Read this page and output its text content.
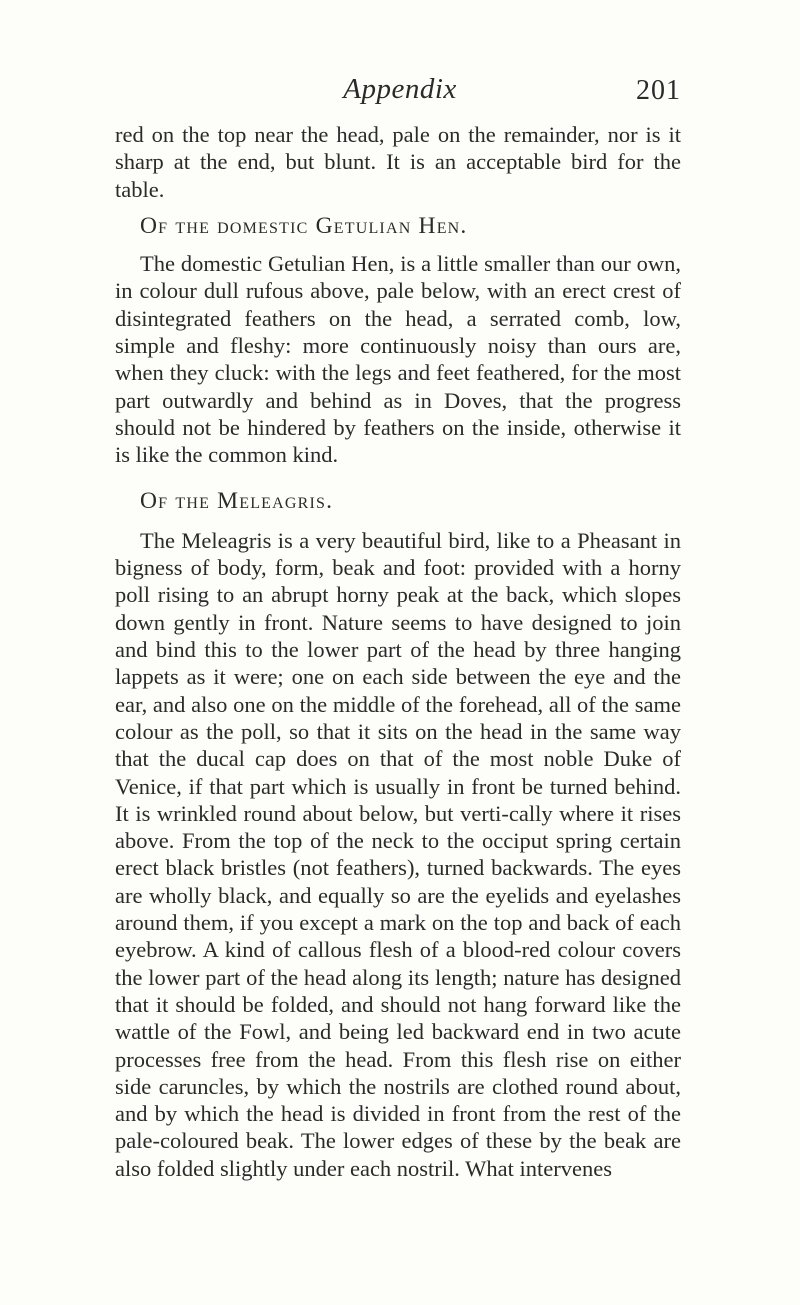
Appendix	201

red on the top near the head, pale on the remainder, nor is it sharp at the end, but blunt. It is an acceptable bird for the table.

Of the domestic Getulian Hen.

The domestic Getulian Hen, is a little smaller than our own, in colour dull rufous above, pale below, with an erect crest of disintegrated feathers on the head, a serrated comb, low, simple and fleshy: more continuously noisy than ours are, when they cluck: with the legs and feet feathered, for the most part outwardly and behind as in Doves, that the progress should not be hindered by feathers on the inside, otherwise it is like the common kind.

Of the Meleagris.

The Meleagris is a very beautiful bird, like to a Pheasant in bigness of body, form, beak and foot: provided with a horny poll rising to an abrupt horny peak at the back, which slopes down gently in front. Nature seems to have designed to join and bind this to the lower part of the head by three hanging lappets as it were; one on each side between the eye and the ear, and also one on the middle of the forehead, all of the same colour as the poll, so that it sits on the head in the same way that the ducal cap does on that of the most noble Duke of Venice, if that part which is usually in front be turned behind. It is wrinkled round about below, but verti-cally where it rises above. From the top of the neck to the occiput spring certain erect black bristles (not feathers), turned backwards. The eyes are wholly black, and equally so are the eyelids and eyelashes around them, if you except a mark on the top and back of each eyebrow. A kind of callous flesh of a blood-red colour covers the lower part of the head along its length; nature has designed that it should be folded, and should not hang forward like the wattle of the Fowl, and being led backward end in two acute processes free from the head. From this flesh rise on either side caruncles, by which the nostrils are clothed round about, and by which the head is divided in front from the rest of the pale-coloured beak. The lower edges of these by the beak are also folded slightly under each nostril. What intervenes
